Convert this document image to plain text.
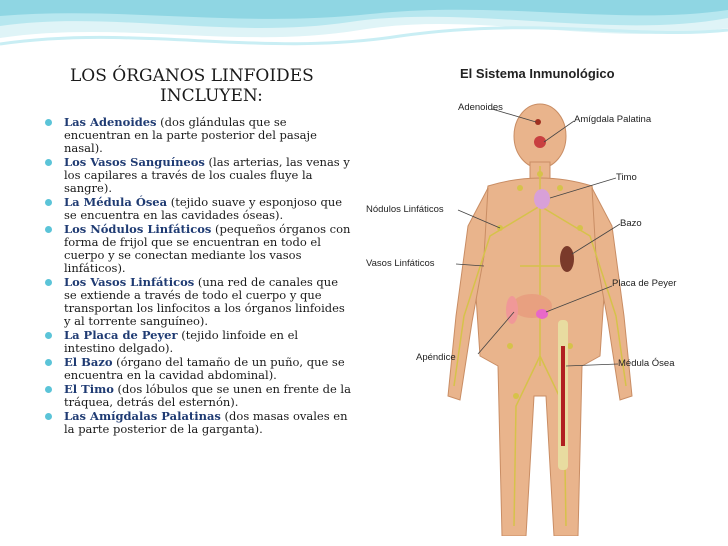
LOS ÓRGANOS LINFOIDES
INCLUYEN:
Las Adenoides (dos glándulas que se encuentran en la parte posterior del pasaje nasal).
Los Vasos Sanguíneos (las arterias, las venas y los capilares a través de los cuales fluye la sangre).
La Médula Ósea (tejido suave y esponjoso que se encuentra en las cavidades óseas).
Los Nódulos Linfáticos (pequeños órganos con forma de frijol que se encuentran en todo el cuerpo y se conectan mediante los vasos linfáticos).
Los Vasos Linfáticos (una red de canales que se extiende a través de todo el cuerpo y que transportan los linfocitos a los órganos linfoides y al torrente sanguíneo).
La Placa de Peyer (tejido linfoide en el intestino delgado).
El Bazo (órgano del tamaño de un puño, que se encuentra en la cavidad abdominal).
El Timo (dos lóbulos que se unen en frente de la tráquea, detrás del esternón).
Las Amígdalas Palatinas (dos masas ovales en la parte posterior de la garganta).
El Sistema Inmunológico
Adenoides
Amígdala Palatina
Timo
Nódulos Linfáticos
Bazo
Vasos Linfáticos
Placa de Peyer
Apéndice
Médula Ósea
